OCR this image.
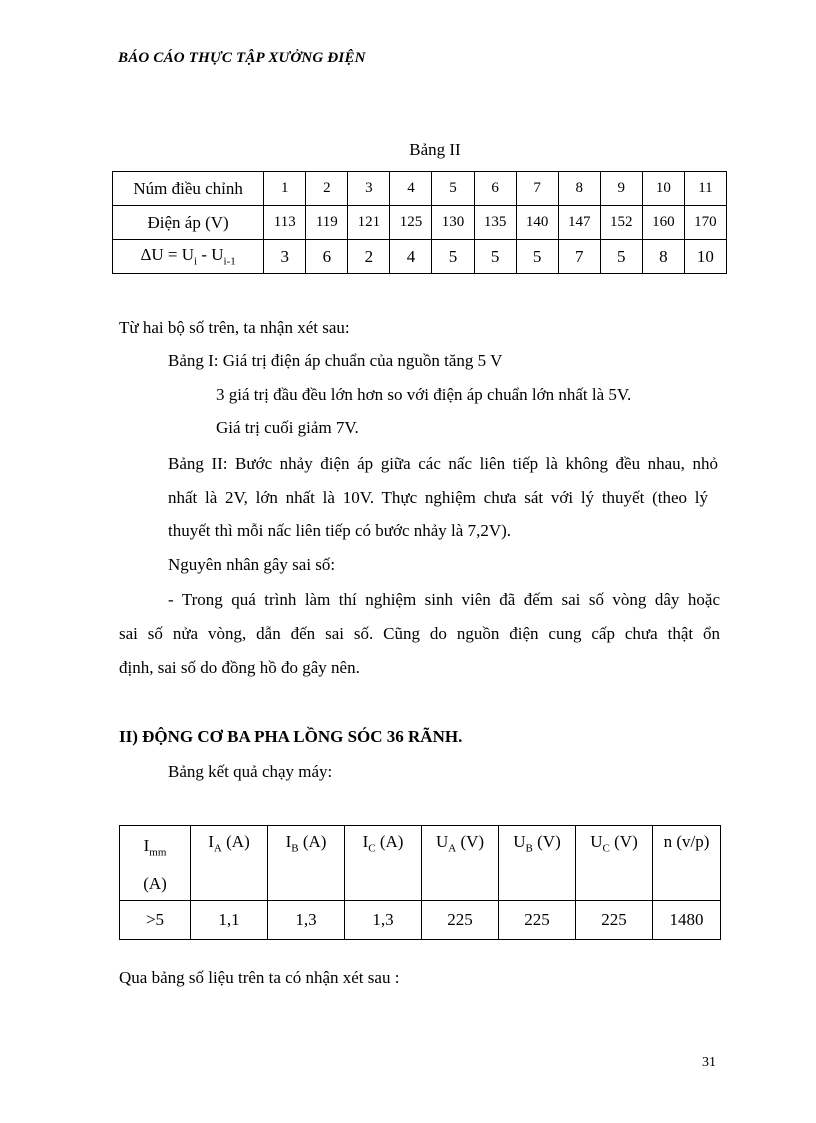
BÁO CÁO THỰC TẬP XƯỞNG ĐIỆN
Bảng II
Núm điều chỉnh	1	2	3	4	5	6	7	8	9	10	11
Điện áp (V)	113	119	121	125	130	135	140	147	152	160	170
$\Delta U = U_i - U_{i-1}$	3	6	2	4	5	5	5	7	5	8	10
Từ hai bộ số trên, ta nhận xét sau:
Bảng I: Giá trị điện áp chuẩn của nguồn tăng 5 V
3 giá trị đầu đều lớn hơn so với điện áp chuẩn lớn nhất là 5V.
Giá trị cuối giảm 7V.
Bảng II: Bước nhảy điện áp giữa các nấc liên tiếp là không đều nhau, nhỏ
nhất là 2V, lớn nhất là 10V. Thực nghiệm chưa sát với lý thuyết (theo lý
thuyết thì mỗi nấc liên tiếp có bước nhảy là 7,2V).
Nguyên nhân gây sai số:
- Trong quá trình làm thí nghiệm sinh viên đã đếm sai số vòng dây hoặc
sai số nửa vòng, dẫn đến sai số. Cũng do nguồn điện cung cấp chưa thật ổn
định, sai số do đồng hồ đo gây nên.
II) ĐỘNG CƠ BA PHA LỒNG SÓC 36 RÃNH.
Bảng kết quả chạy máy:
$I_{mm}$
(A)	$I_A$ (A)	$I_B$ (A)	$I_C$ (A)	$U_A$ (V)	$U_B$ (V)	$U_C$ (V)	n (v/p)
>5	1,1	1,3	1,3	225	225	225	1480
Qua bảng số liệu trên ta có nhận xét sau :
31
